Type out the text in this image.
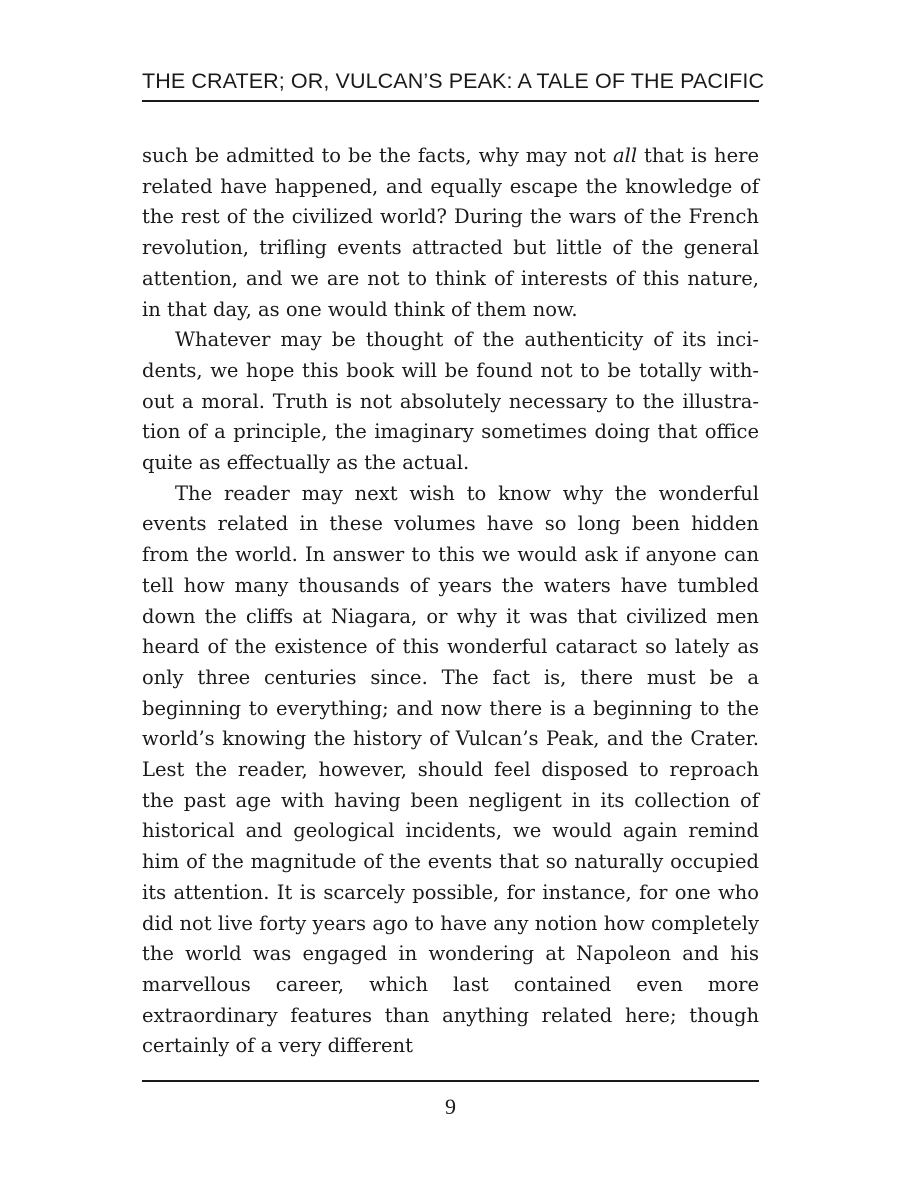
THE CRATER; OR, VULCAN’S PEAK: A TALE OF THE PACIFIC

such be admitted to be the facts, why may not all that is here related have happened, and equally escape the knowledge of the rest of the civilized world? During the wars of the French revolution, trifling events attracted but little of the general attention, and we are not to think of interests of this nature, in that day, as one would think of them now.

Whatever may be thought of the authenticity of its incidents, we hope this book will be found not to be totally without a moral. Truth is not absolutely necessary to the illustration of a principle, the imaginary sometimes doing that office quite as effectually as the actual.

The reader may next wish to know why the wonderful events related in these volumes have so long been hidden from the world. In answer to this we would ask if anyone can tell how many thousands of years the waters have tumbled down the cliffs at Niagara, or why it was that civilized men heard of the existence of this wonderful cataract so lately as only three centuries since. The fact is, there must be a beginning to everything; and now there is a beginning to the world’s knowing the history of Vulcan’s Peak, and the Crater. Lest the reader, however, should feel disposed to reproach the past age with having been negligent in its collection of historical and geological incidents, we would again remind him of the magnitude of the events that so naturally occupied its attention. It is scarcely possible, for instance, for one who did not live forty years ago to have any notion how completely the world was engaged in wondering at Napoleon and his marvellous career, which last contained even more extraordinary features than anything related here; though certainly of a very different

9
